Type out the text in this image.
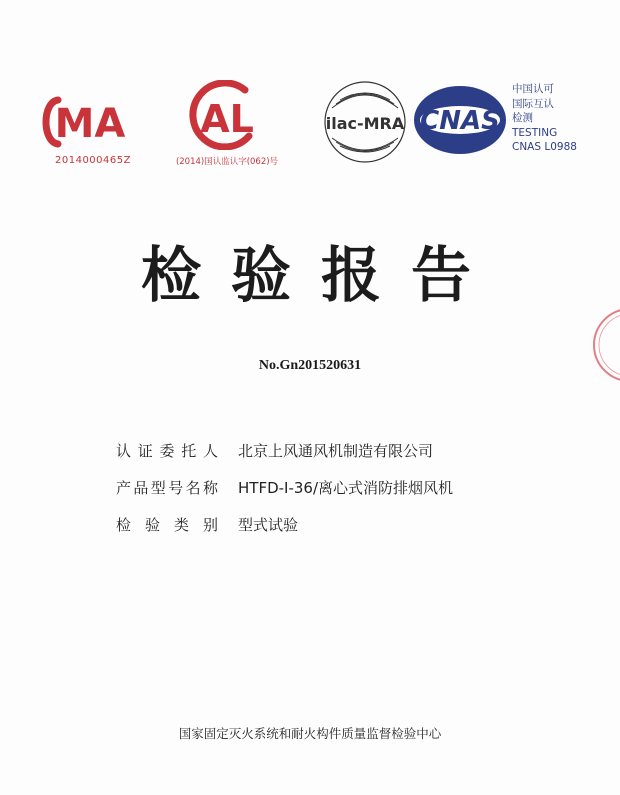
MA
2014000465Z
AL
(2014)国认监认字(062)号
ilac-MRA CNAS
中国认可
国际互认
检测
TESTING
CNAS L0988
检验报告
No.Gn201520631
认证委托人 北京上风通风机制造有限公司
产品型号名称 HTFD-Ⅰ-36/离心式消防排烟风机
检验类别 型式试验
国家固定灭火系统和耐火构件质量监督检验中心
